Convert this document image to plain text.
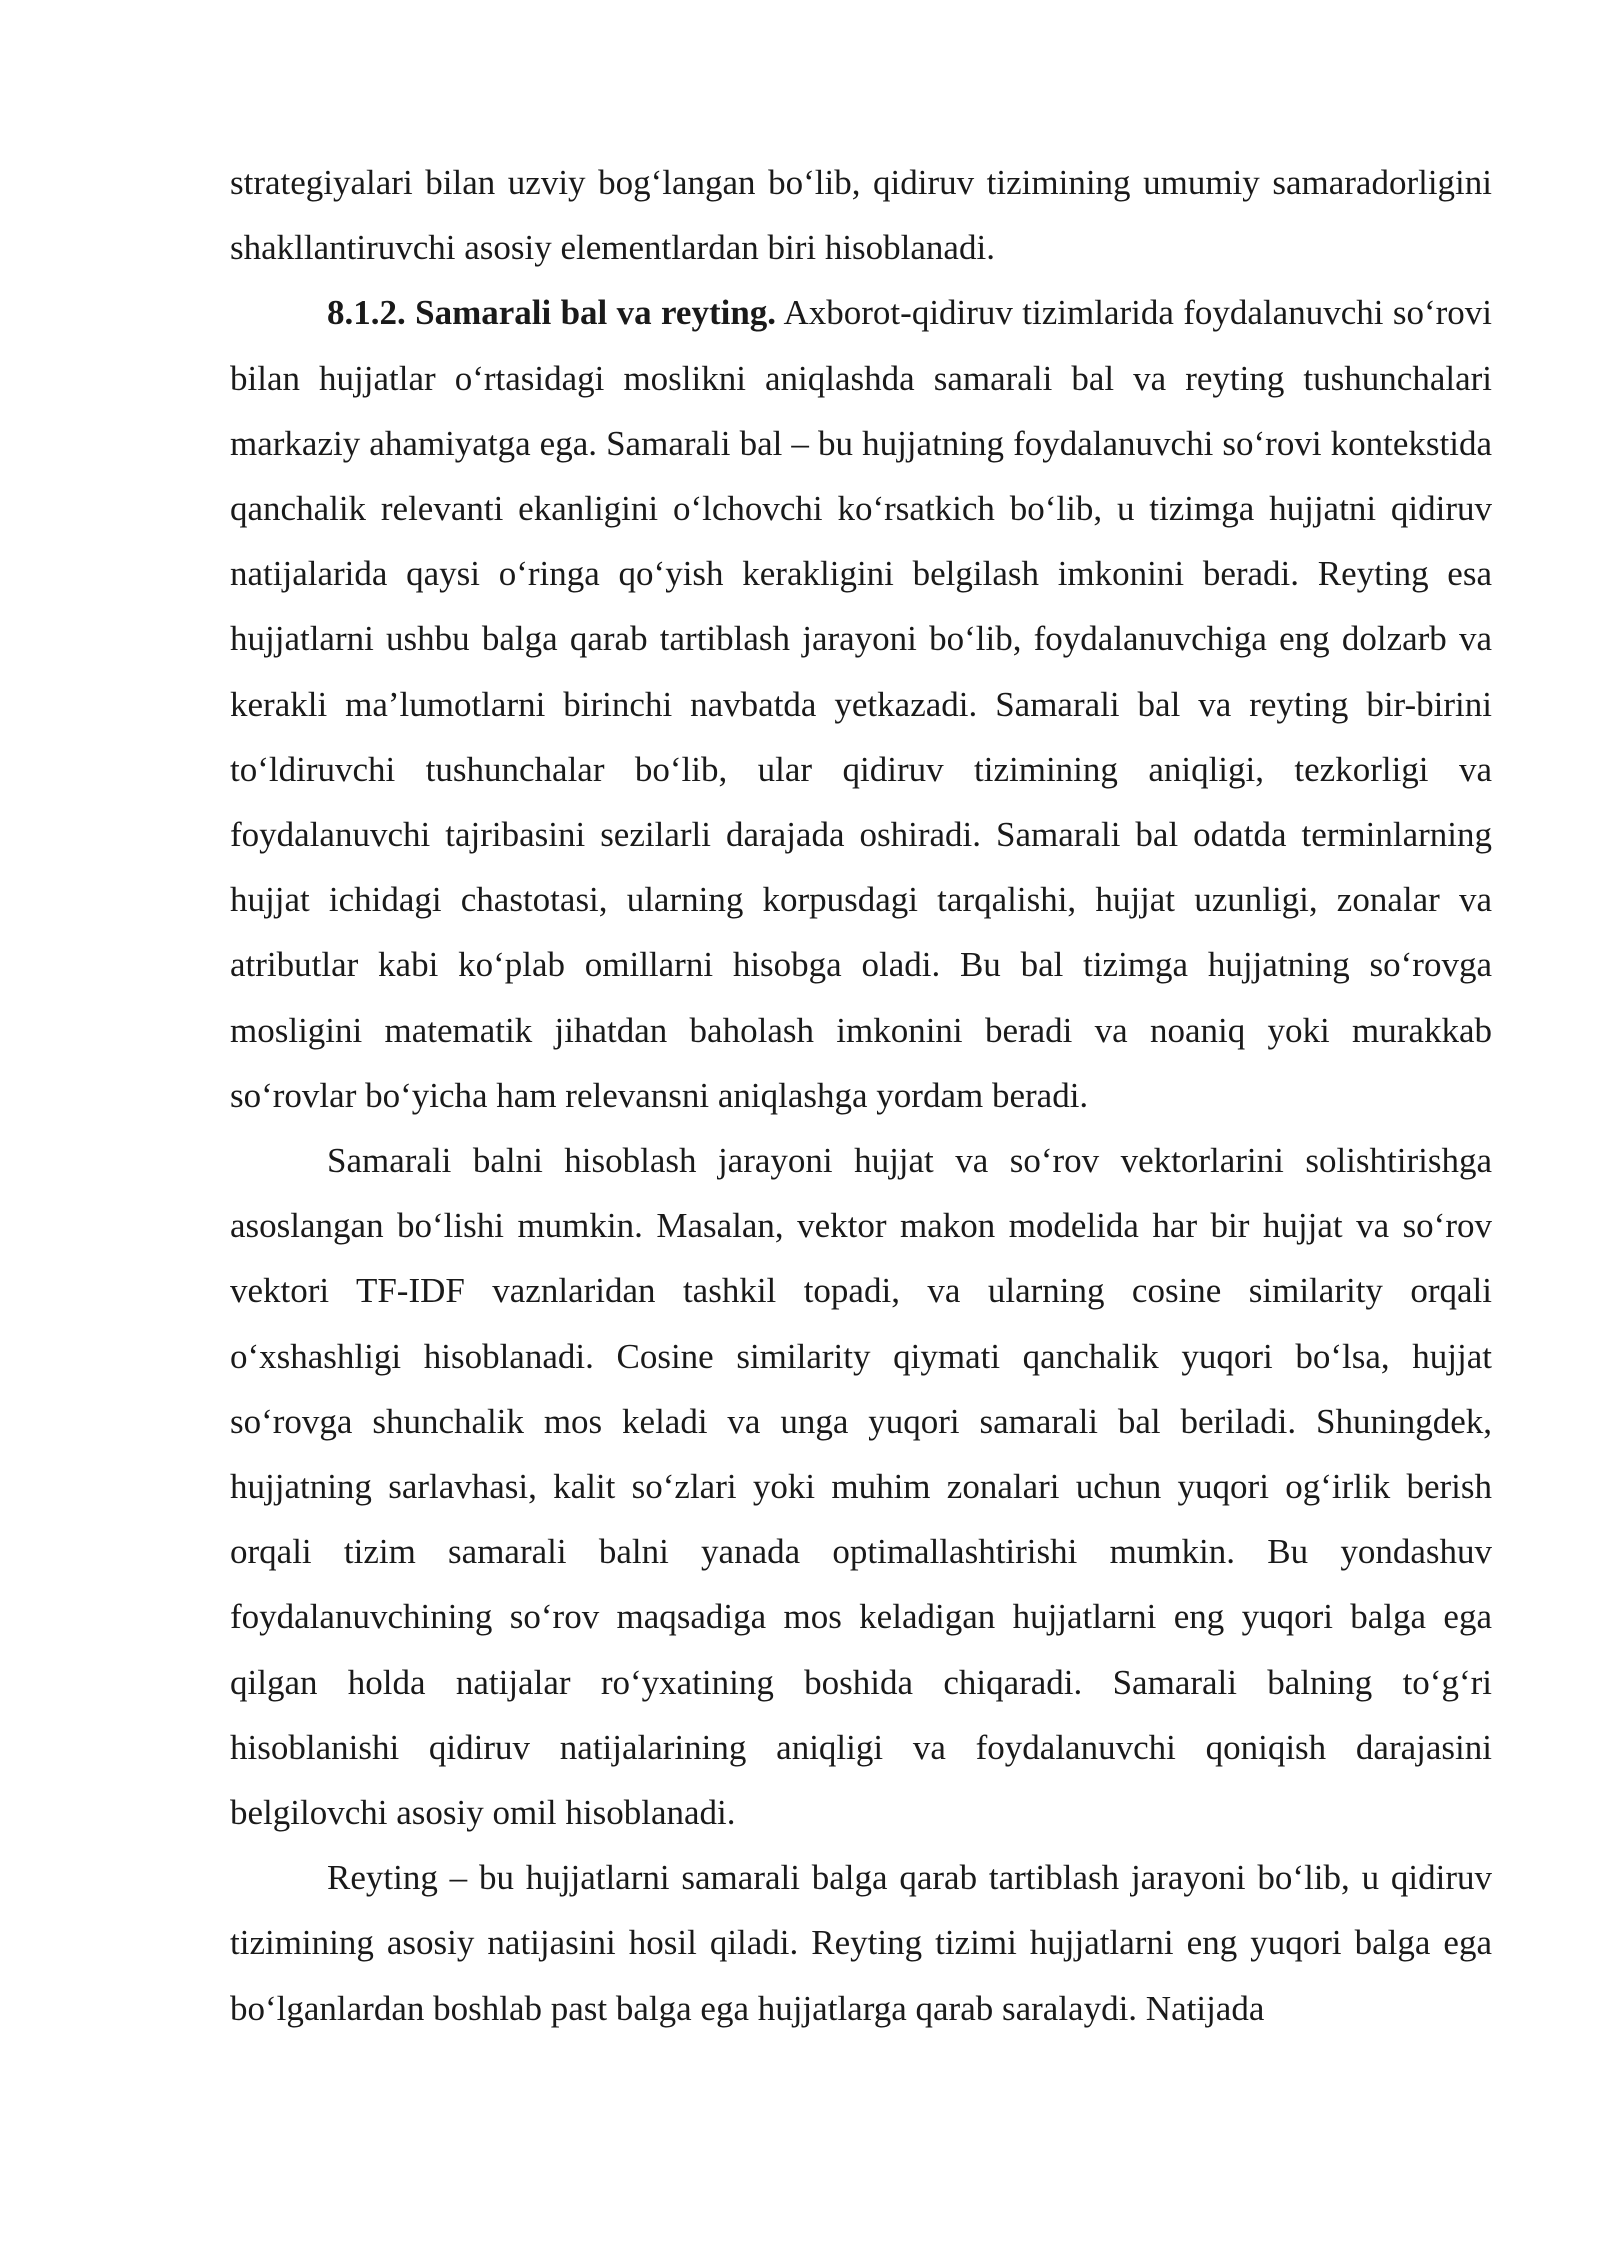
strategiyalari bilan uzviy bog‘langan bo‘lib, qidiruv tizimining umumiy samaradorligini shakllantiruvchi asosiy elementlardan biri hisoblanadi.

8.1.2. Samarali bal va reyting. Axborot-qidiruv tizimlarida foydalanuvchi so‘rovi bilan hujjatlar o‘rtasidagi moslikni aniqlashda samarali bal va reyting tushunchalari markaziy ahamiyatga ega. Samarali bal – bu hujjatning foydalanuvchi so‘rovi kontekstida qanchalik relevanti ekanligini o‘lchovchi ko‘rsatkich bo‘lib, u tizimga hujjatni qidiruv natijalarida qaysi o‘ringa qo‘yish kerakligini belgilash imkonini beradi. Reyting esa hujjatlarni ushbu balga qarab tartiblash jarayoni bo‘lib, foydalanuvchiga eng dolzarb va kerakli ma’lumotlarni birinchi navbatda yetkazadi. Samarali bal va reyting bir-birini to‘ldiruvchi tushunchalar bo‘lib, ular qidiruv tizimining aniqligi, tezkorligi va foydalanuvchi tajribasini sezilarli darajada oshiradi. Samarali bal odatda terminlarning hujjat ichidagi chastotasi, ularning korpusdagi tarqalishi, hujjat uzunligi, zonalar va atributlar kabi ko‘plab omillarni hisobga oladi. Bu bal tizimga hujjatning so‘rovga mosligini matematik jihatdan baholash imkonini beradi va noaniq yoki murakkab so‘rovlar bo‘yicha ham relevansni aniqlashga yordam beradi.

Samarali balni hisoblash jarayoni hujjat va so‘rov vektorlarini solishtirishga asoslangan bo‘lishi mumkin. Masalan, vektor makon modelida har bir hujjat va so‘rov vektori TF-IDF vaznlaridan tashkil topadi, va ularning cosine similarity orqali o‘xshashligi hisoblanadi. Cosine similarity qiymati qanchalik yuqori bo‘lsa, hujjat so‘rovga shunchalik mos keladi va unga yuqori samarali bal beriladi. Shuningdek, hujjatning sarlavhasi, kalit so‘zlari yoki muhim zonalari uchun yuqori og‘irlik berish orqali tizim samarali balni yanada optimallashtirishi mumkin. Bu yondashuv foydalanuvchining so‘rov maqsadiga mos keladigan hujjatlarni eng yuqori balga ega qilgan holda natijalar ro‘yxatining boshida chiqaradi. Samarali balning to‘g‘ri hisoblanishi qidiruv natijalarining aniqligi va foydalanuvchi qoniqish darajasini belgilovchi asosiy omil hisoblanadi.

Reyting – bu hujjatlarni samarali balga qarab tartiblash jarayoni bo‘lib, u qidiruv tizimining asosiy natijasini hosil qiladi. Reyting tizimi hujjatlarni eng yuqori balga ega bo‘lganlardan boshlab past balga ega hujjatlarga qarab saralaydi. Natijada
